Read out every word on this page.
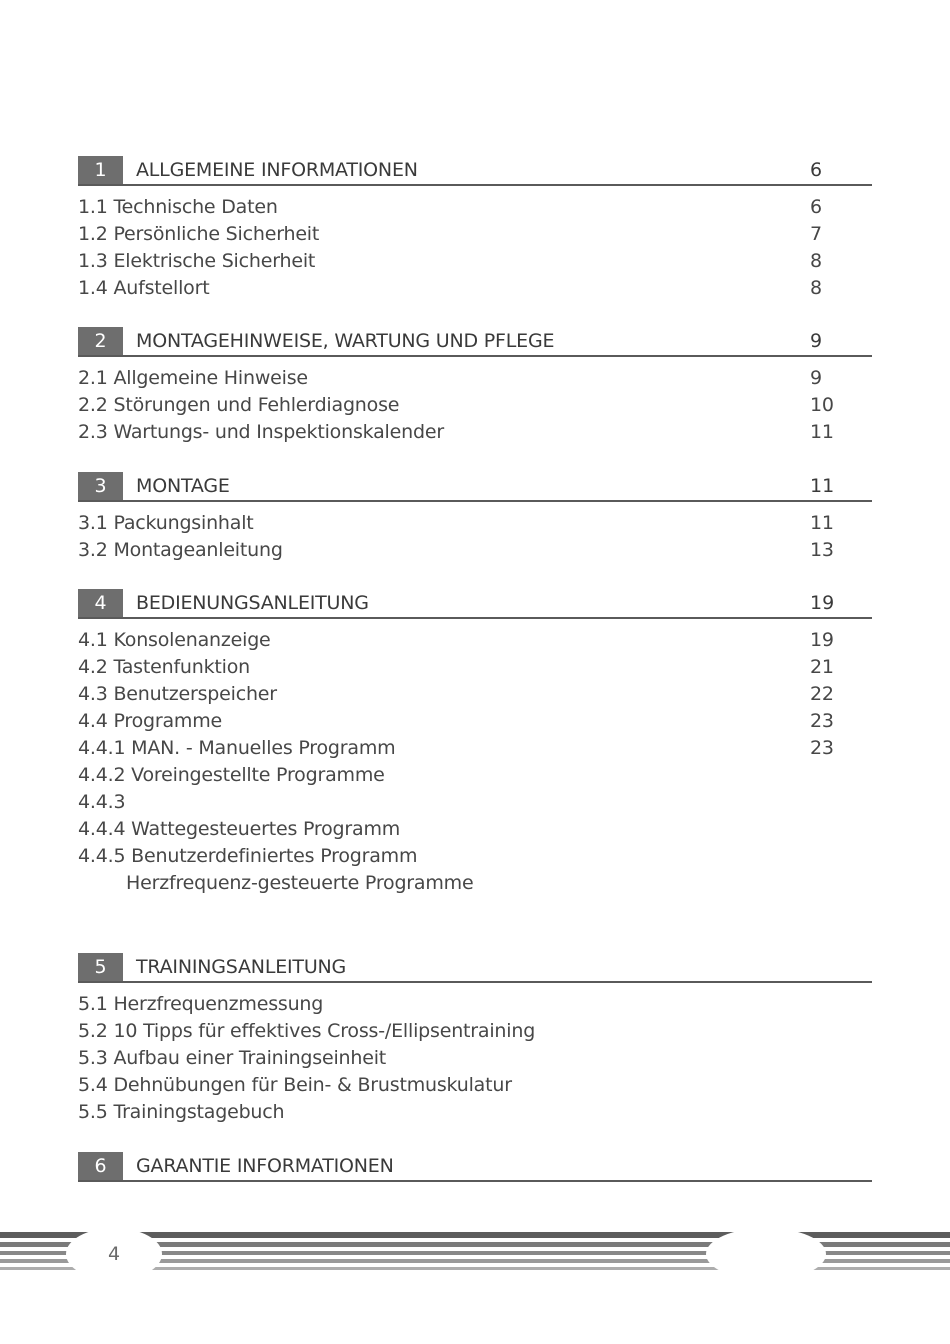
1	ALLGEMEINE INFORMATIONEN	6
1.1 Technische Daten	6
1.2 Persönliche Sicherheit	7
1.3 Elektrische Sicherheit	8
1.4 Aufstellort	8
2	MONTAGEHINWEISE, WARTUNG UND PFLEGE	9
2.1 Allgemeine Hinweise	9
2.2 Störungen und Fehlerdiagnose	10
2.3 Wartungs- und Inspektionskalender	11
3	MONTAGE	11
3.1 Packungsinhalt	11
3.2 Montageanleitung	13
4	BEDIENUNGSANLEITUNG	19
4.1 Konsolenanzeige	19
4.2 Tastenfunktion	21
4.3 Benutzerspeicher	22
4.4 Programme	23
4.4.1 MAN. - Manuelles Programm	23
4.4.2 Voreingestellte Programme
4.4.3
4.4.4 Wattegesteuertes Programm
4.4.5 Benutzerdefiniertes Programm
Herzfrequenz-gesteuerte Programme
5	TRAININGSANLEITUNG
5.1 Herzfrequenzmessung
5.2 10 Tipps für effektives Cross-/Ellipsentraining
5.3 Aufbau einer Trainingseinheit
5.4 Dehnübungen für Bein- & Brustmuskulatur
5.5 Trainingstagebuch
6	GARANTIE INFORMATIONEN
4
